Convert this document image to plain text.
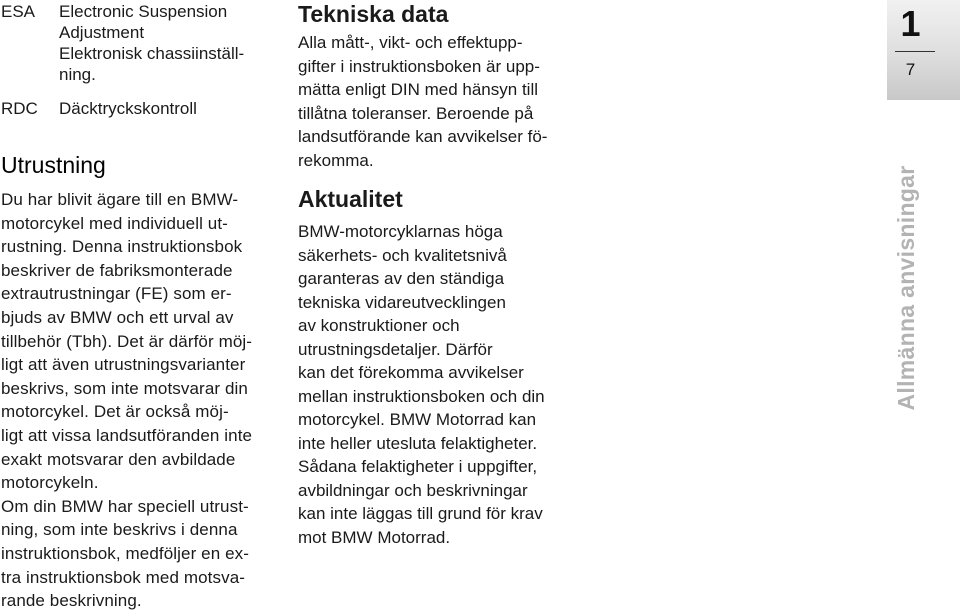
ESA	Electronic Suspension
Adjustment
Elektronisk chassiinställ-
ning.
RDC	Däcktryckskontroll
Utrustning
Du har blivit ägare till en BMW-
motorcykel med individuell ut-
rustning. Denna instruktionsbok
beskriver de fabriksmonterade
extrautrustningar (FE) som er-
bjuds av BMW och ett urval av
tillbehör (Tbh). Det är därför möj-
ligt att även utrustningsvarianter
beskrivs, som inte motsvarar din
motorcykel. Det är också möj-
ligt att vissa landsutföranden inte
exakt motsvarar den avbildade
motorcykeln.
Om din BMW har speciell utrust-
ning, som inte beskrivs i denna
instruktionsbok, medföljer en ex-
tra instruktionsbok med motsva-
rande beskrivning.
Tekniska data
Alla mått-, vikt- och effektupp-
gifter i instruktionsboken är upp-
mätta enligt DIN med hänsyn till
tillåtna toleranser. Beroende på
landsutförande kan avvikelser fö-
rekomma.
Aktualitet
BMW-motorcyklarnas höga
säkerhets- och kvalitetsnivå
garanteras av den ständiga
tekniska vidareutvecklingen
av konstruktioner och
utrustningsdetaljer. Därför
kan det förekomma avvikelser
mellan instruktionsboken och din
motorcykel. BMW Motorrad kan
inte heller utesluta felaktigheter.
Sådana felaktigheter i uppgifter,
avbildningar och beskrivningar
kan inte läggas till grund för krav
mot BMW Motorrad.
1
7
Allmänna anvisningar
